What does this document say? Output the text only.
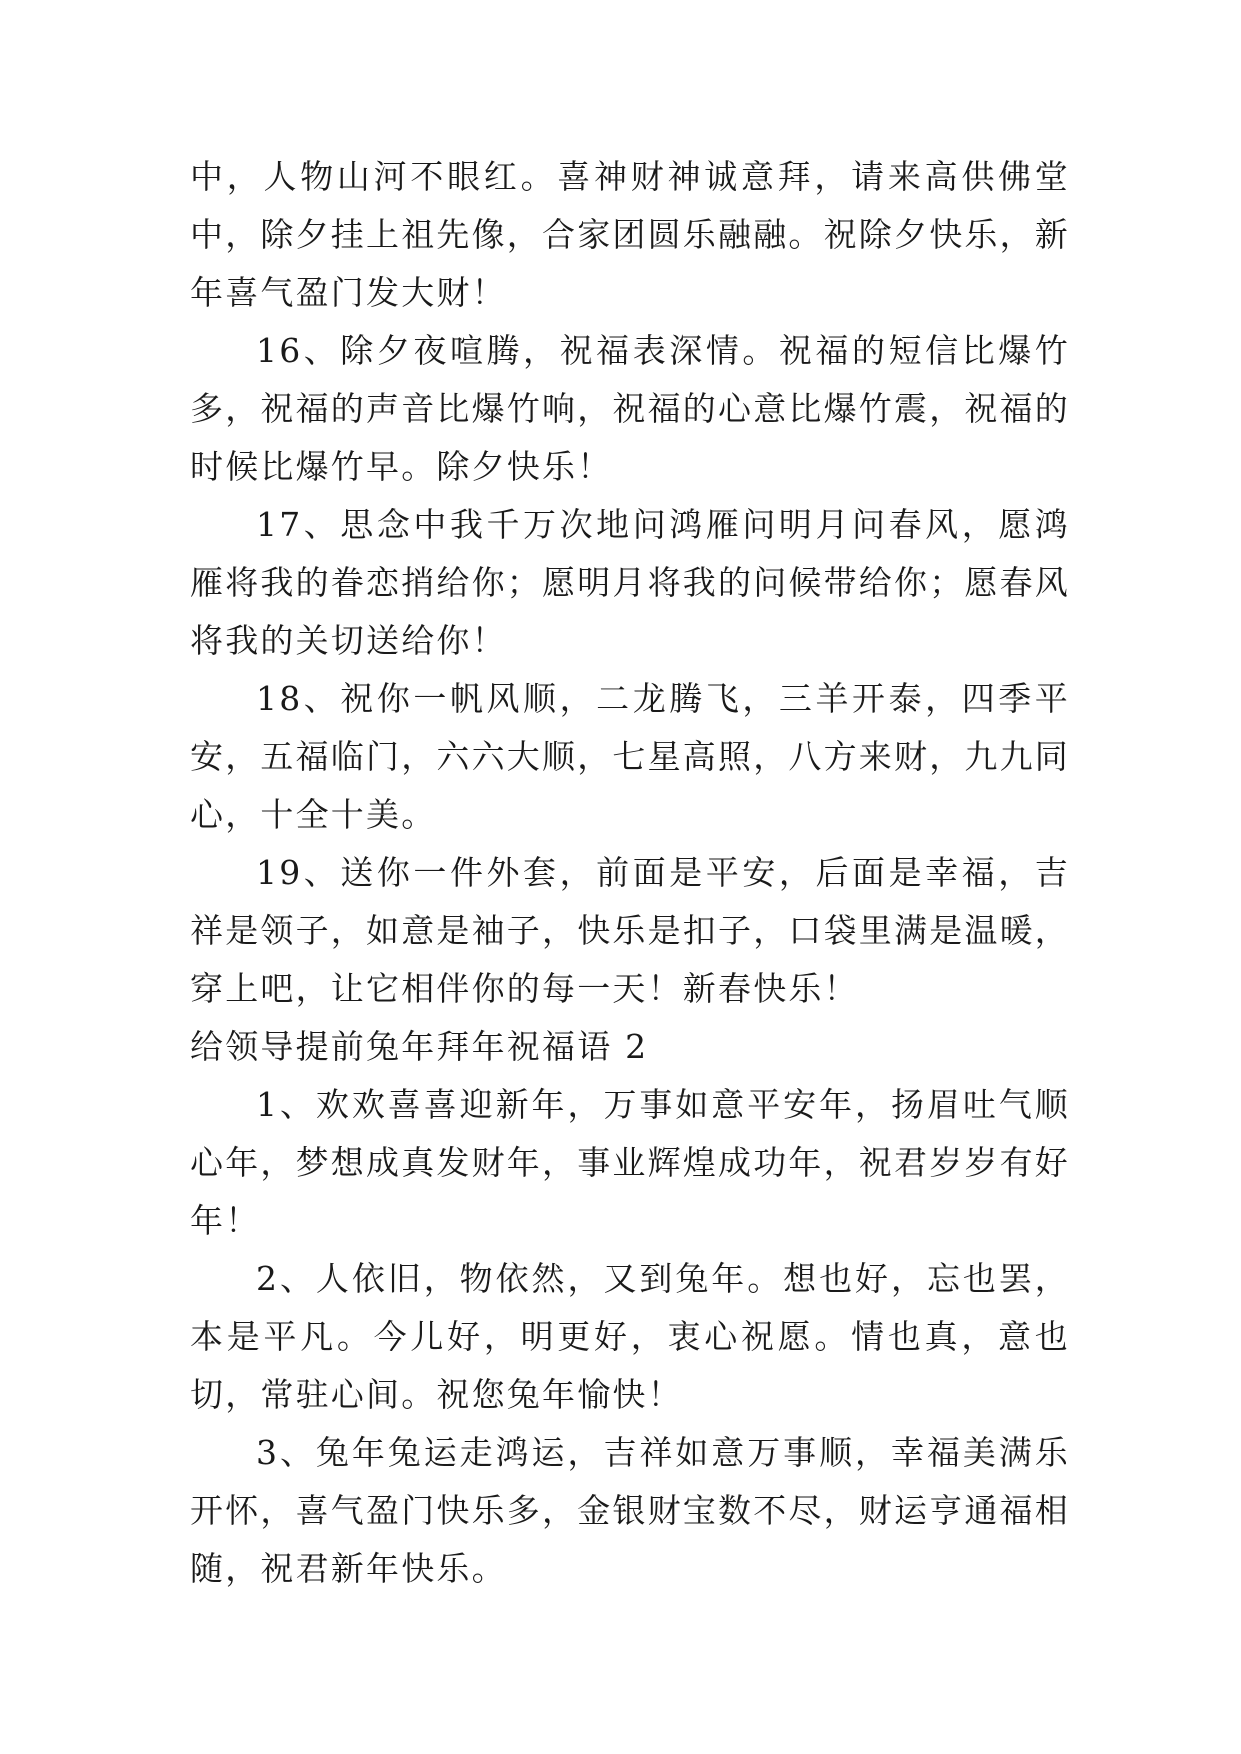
中，人物山河不眼红。喜神财神诚意拜，请来高供佛堂中，除夕挂上祖先像，合家团圆乐融融。祝除夕快乐，新年喜气盈门发大财！

16、除夕夜喧腾，祝福表深情。祝福的短信比爆竹多，祝福的声音比爆竹响，祝福的心意比爆竹震，祝福的时候比爆竹早。除夕快乐！

17、思念中我千万次地问鸿雁问明月问春风，愿鸿雁将我的眷恋捎给你；愿明月将我的问候带给你；愿春风将我的关切送给你！

18、祝你一帆风顺，二龙腾飞，三羊开泰，四季平安，五福临门，六六大顺，七星高照，八方来财，九九同心，十全十美。

19、送你一件外套，前面是平安，后面是幸福，吉祥是领子，如意是袖子，快乐是扣子，口袋里满是温暖，穿上吧，让它相伴你的每一天！新春快乐！

给领导提前兔年拜年祝福语 2

1、欢欢喜喜迎新年，万事如意平安年，扬眉吐气顺心年，梦想成真发财年，事业辉煌成功年，祝君岁岁有好年！

2、人依旧，物依然，又到兔年。想也好，忘也罢，本是平凡。今儿好，明更好，衷心祝愿。情也真，意也切，常驻心间。祝您兔年愉快！

3、兔年兔运走鸿运，吉祥如意万事顺，幸福美满乐开怀，喜气盈门快乐多，金银财宝数不尽，财运亨通福相随，祝君新年快乐。
